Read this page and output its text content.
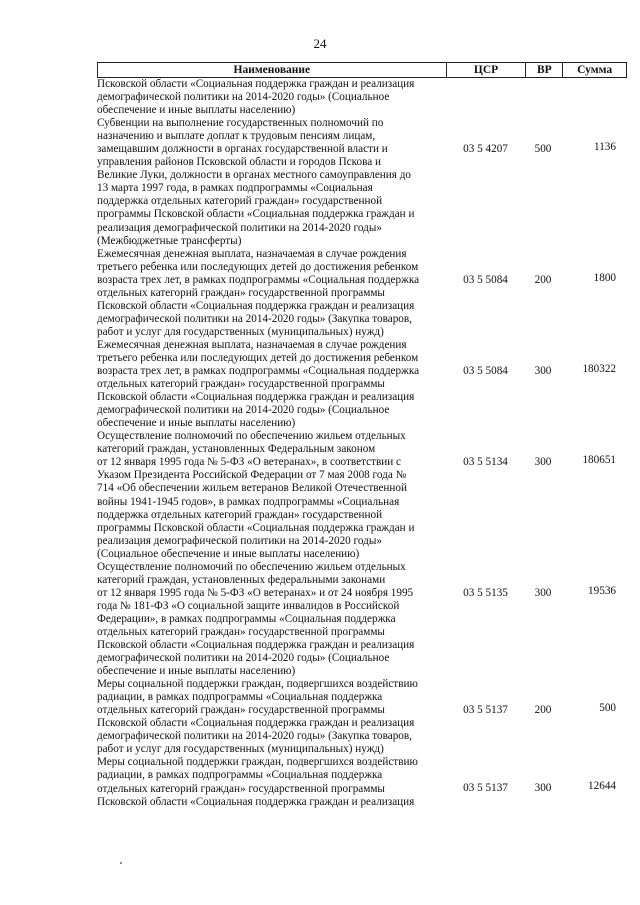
24
Наименование	ЦСР	ВР	Сумма
Псковской области «Социальная поддержка граждан и реализация
демографической политики на 2014-2020 годы» (Социальное
обеспечение и иные выплаты населению)
Субвенции на выполнение государственных полномочий по
назначению и выплате доплат к трудовым пенсиям лицам,
замещавшим должности в органах государственной власти и
управления районов Псковской области и городов Пскова и
Великие Луки, должности в органах местного самоуправления до
13 марта 1997 года, в рамках подпрограммы «Социальная
поддержка отдельных категорий граждан» государственной
программы Псковской области «Социальная поддержка граждан и
реализация демографической политики на 2014-2020 годы»
(Межбюджетные трансферты)
03 5 4207	500	1136
Ежемесячная денежная выплата, назначаемая в случае рождения
третьего ребенка или последующих детей до достижения ребенком
возраста трех лет, в рамках подпрограммы «Социальная поддержка
отдельных категорий граждан» государственной программы
Псковской области «Социальная поддержка граждан и реализация
демографической политики на 2014-2020 годы» (Закупка товаров,
работ и услуг для государственных (муниципальных) нужд)
03 5 5084	200	1800
Ежемесячная денежная выплата, назначаемая в случае рождения
третьего ребенка или последующих детей до достижения ребенком
возраста трех лет, в рамках подпрограммы «Социальная поддержка
отдельных категорий граждан» государственной программы
Псковской области «Социальная поддержка граждан и реализация
демографической политики на 2014-2020 годы» (Социальное
обеспечение и иные выплаты населению)
03 5 5084	300	180322
Осуществление полномочий по обеспечению жильем отдельных
категорий граждан, установленных Федеральным законом
от 12 января 1995 года № 5-ФЗ «О ветеранах», в соответствии с
Указом Президента Российской Федерации от 7 мая 2008 года №
714 «Об обеспечении жильем ветеранов Великой Отечественной
войны 1941-1945 годов», в рамках подпрограммы «Социальная
поддержка отдельных категорий граждан» государственной
программы Псковской области «Социальная поддержка граждан и
реализация демографической политики на 2014-2020 годы»
(Социальное обеспечение и иные выплаты населению)
03 5 5134	300	180651
Осуществление полномочий по обеспечению жильем отдельных
категорий граждан, установленных федеральными законами
от 12 января 1995 года № 5-ФЗ «О ветеранах» и от 24 ноября 1995
года № 181-ФЗ «О социальной защите инвалидов в Российской
Федерации», в рамках подпрограммы «Социальная поддержка
отдельных категорий граждан» государственной программы
Псковской области «Социальная поддержка граждан и реализация
демографической политики на 2014-2020 годы» (Социальное
обеспечение и иные выплаты населению)
03 5 5135	300	19536
Меры социальной поддержки граждан, подвергшихся воздействию
радиации, в рамках подпрограммы «Социальная поддержка
отдельных категорий граждан» государственной программы
Псковской области «Социальная поддержка граждан и реализация
демографической политики на 2014-2020 годы» (Закупка товаров,
работ и услуг для государственных (муниципальных) нужд)
03 5 5137	200	500
Меры социальной поддержки граждан, подвергшихся воздействию
радиации, в рамках подпрограммы «Социальная поддержка
отдельных категорий граждан» государственной программы
Псковской области «Социальная поддержка граждан и реализация
03 5 5137	300	12644
